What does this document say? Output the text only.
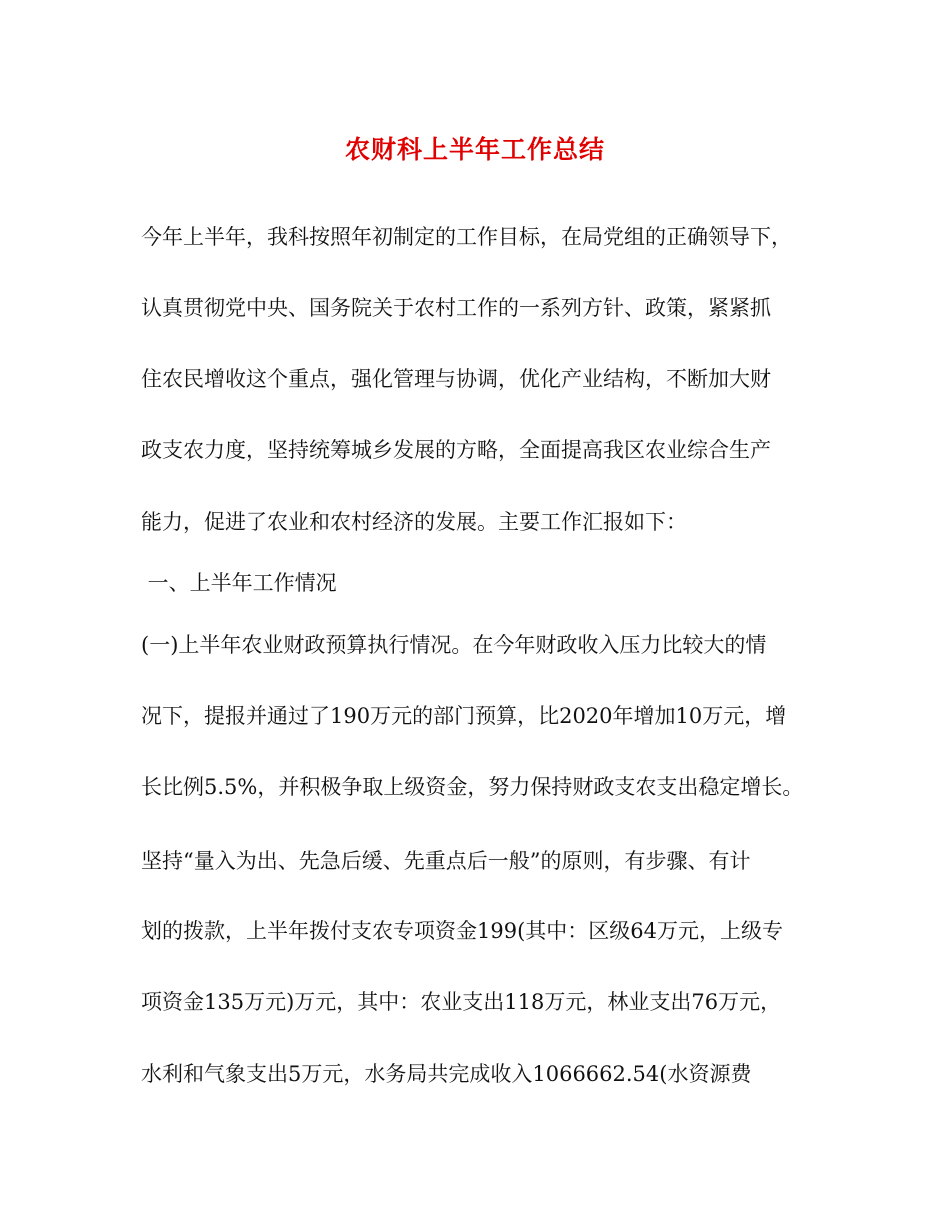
农财科上半年工作总结
今年上半年，我科按照年初制定的工作目标，在局党组的正确领导下，
认真贯彻党中央、国务院关于农村工作的一系列方针、政策，紧紧抓
住农民增收这个重点，强化管理与协调，优化产业结构，不断加大财
政支农力度，坚持统筹城乡发展的方略，全面提高我区农业综合生产
能力，促进了农业和农村经济的发展。主要工作汇报如下：
一、上半年工作情况
(一)上半年农业财政预算执行情况。在今年财政收入压力比较大的情
况下，提报并通过了190万元的部门预算，比2020年增加10万元，增
长比例5.5%，并积极争取上级资金，努力保持财政支农支出稳定增长。
坚持“量入为出、先急后缓、先重点后一般”的原则，有步骤、有计
划的拨款，上半年拨付支农专项资金199(其中：区级64万元，上级专
项资金135万元)万元，其中：农业支出118万元，林业支出76万元，
水利和气象支出5万元，水务局共完成收入1066662.54(水资源费
